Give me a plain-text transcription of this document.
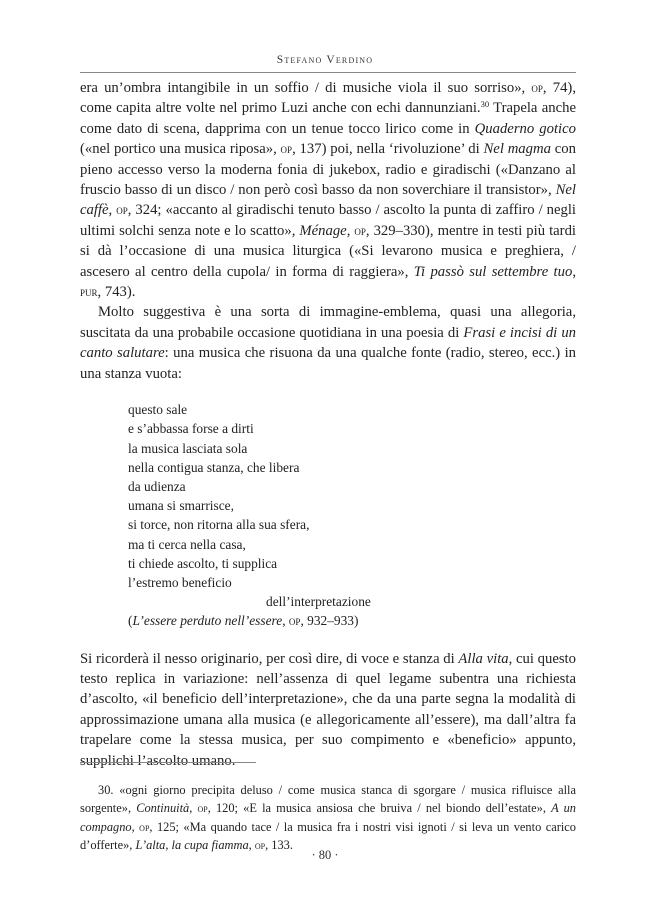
Stefano Verdino

era un’ombra intangibile in un soffio / di musiche viola il suo sorriso», op, 74), come capita altre volte nel primo Luzi anche con echi dannunziani.$^{30}$ Trapela anche come dato di scena, dapprima con un tenue tocco lirico come in Quaderno gotico («nel portico una musica riposa», op, 137) poi, nella ‘rivoluzione’ di Nel magma con pieno accesso verso la moderna fonia di jukebox, radio e giradischi («Danzano al fruscio basso di un disco / non però così basso da non soverchiare il transistor», Nel caffè, op, 324; «accanto al giradischi tenuto basso / ascolto la punta di zaffiro / negli ultimi solchi senza note e lo scatto», Ménage, op, 329–330), mentre in testi più tardi si dà l’occasione di una musica liturgica («Si levarono musica e preghiera, / ascesero al centro della cupola/ in forma di raggiera», Ti passò sul settembre tuo, pur, 743).

Molto suggestiva è una sorta di immagine-emblema, quasi una allegoria, suscitata da una probabile occasione quotidiana in una poesia di Frasi e incisi di un canto salutare: una musica che risuona da una qualche fonte (radio, stereo, ecc.) in una stanza vuota:

questo sale
e s’abbassa forse a dirti
la musica lasciata sola
nella contigua stanza, che libera
da udienza
umana si smarrisce,
si torce, non ritorna alla sua sfera,
ma ti cerca nella casa,
ti chiede ascolto, ti supplica
l’estremo beneficio
dell’interpretazione
(L’essere perduto nell’essere, op, 932–933)

Si ricorderà il nesso originario, per così dire, di voce e stanza di Alla vita, cui questo testo replica in variazione: nell’assenza di quel legame subentra una richiesta d’ascolto, «il beneficio dell’interpretazione», che da una parte segna la modalità di approssimazione umana alla musica (e allegoricamente all’essere), ma dall’altra fa trapelare come la stessa musica, per suo compimento e «beneficio» appunto, supplichi l’ascolto umano.

30. «ogni giorno precipita deluso / come musica stanca di sgorgare / musica rifluisce alla sorgente», Continuità, op, 120; «E la musica ansiosa che bruiva / nel biondo dell’estate», A un compagno, op, 125; «Ma quando tace / la musica fra i nostri visi ignoti / si leva un vento carico d’offerte», L’alta, la cupa fiamma, op, 133.

· 80 ·
